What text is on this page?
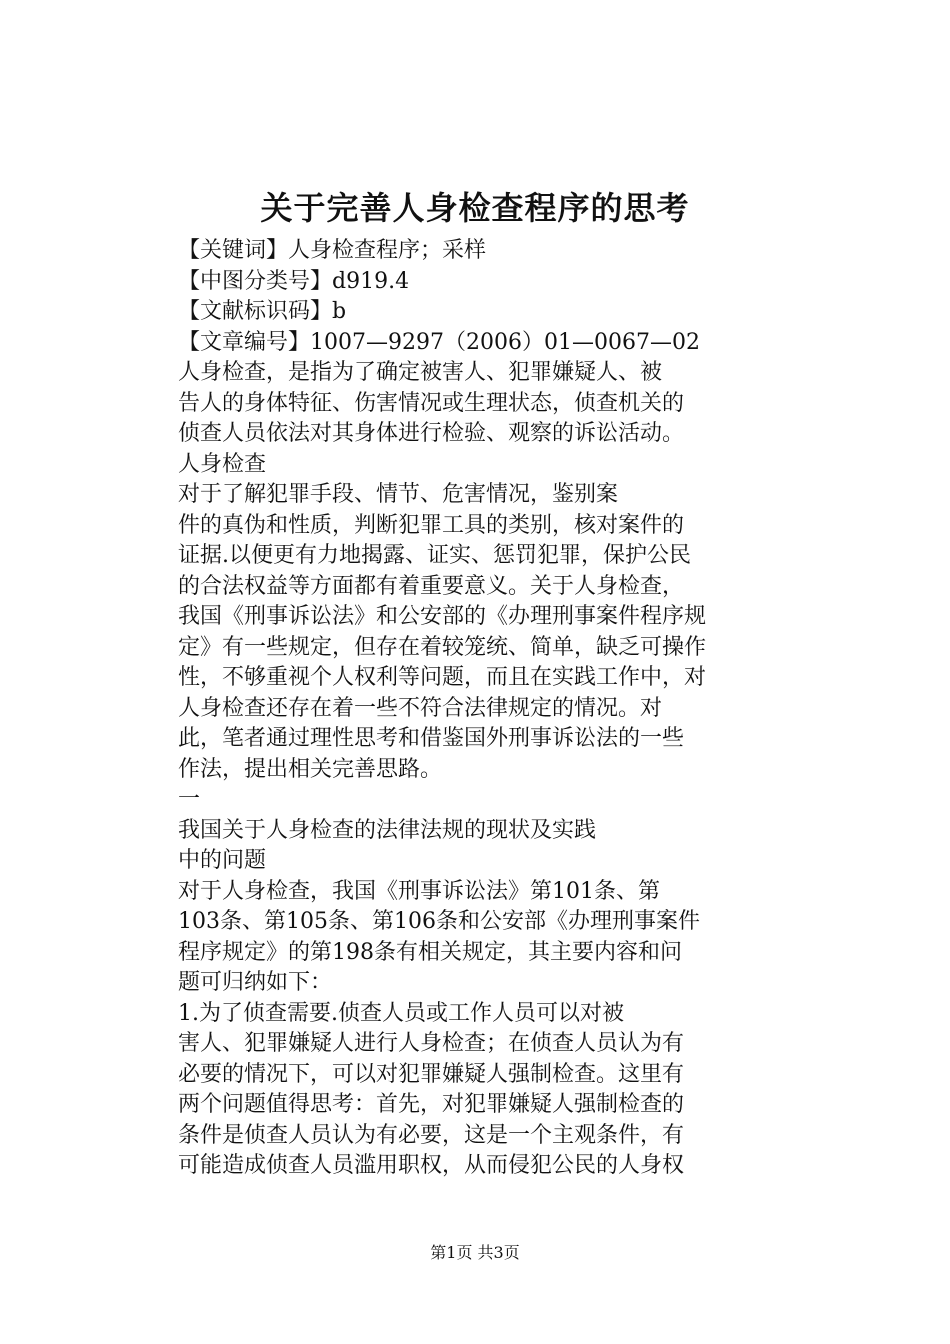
关于完善人身检查程序的思考
【关键词】人身检查程序；采样
【中图分类号】d919.4
【文献标识码】b
【文章编号】1007—9297（2006）01—0067—02
人身检查，是指为了确定被害人、犯罪嫌疑人、被
告人的身体特征、伤害情况或生理状态，侦查机关的
侦查人员依法对其身体进行检验、观察的诉讼活动。
人身检查
对于了解犯罪手段、情节、危害情况，鉴别案
件的真伪和性质，判断犯罪工具的类别，核对案件的
证据.以便更有力地揭露、证实、惩罚犯罪，保护公民
的合法权益等方面都有着重要意义。关于人身检查，
我国《刑事诉讼法》和公安部的《办理刑事案件程序规
定》有一些规定，但存在着较笼统、简单，缺乏可操作
性，不够重视个人权利等问题，而且在实践工作中，对
人身检查还存在着一些不符合法律规定的情况。对
此，笔者通过理性思考和借鉴国外刑事诉讼法的一些
作法，提出相关完善思路。
一
我国关于人身检查的法律法规的现状及实践
中的问题
对于人身检查，我国《刑事诉讼法》第101条、第
103条、第105条、第106条和公安部《办理刑事案件
程序规定》的第198条有相关规定，其主要内容和问
题可归纳如下：
1.为了侦查需要.侦查人员或工作人员可以对被
害人、犯罪嫌疑人进行人身检查；在侦查人员认为有
必要的情况下，可以对犯罪嫌疑人强制检查。这里有
两个问题值得思考：首先，对犯罪嫌疑人强制检查的
条件是侦查人员认为有必要，这是一个主观条件，有
可能造成侦查人员滥用职权，从而侵犯公民的人身权
第1页 共3页
